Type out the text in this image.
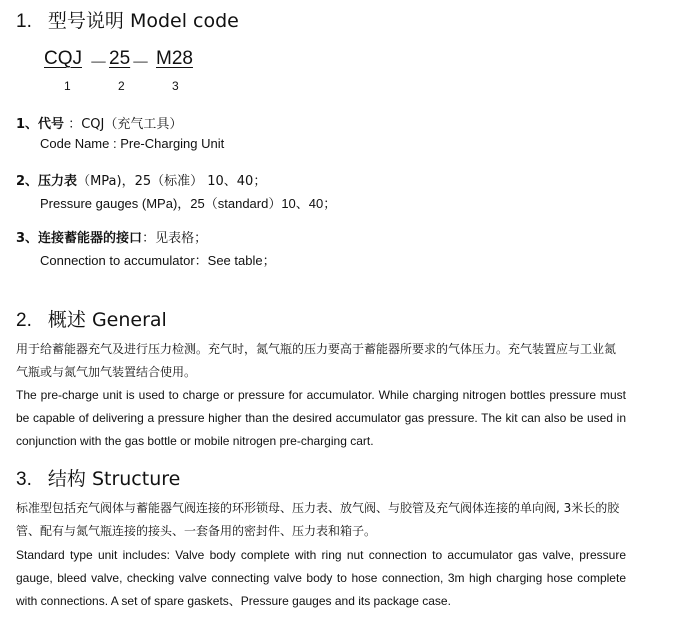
1. 型号说明 Model code
CQJ － 25 － M28
1	2	3
1、代号 ：CQJ（充气工具）
Code Name : Pre-Charging Unit
2、压力表（MPa)，25（标准） 10、40；
Pressure gauges (MPa)，25（standard）10、40；
3、连接蓄能器的接口：见表格；
Connection to accumulator：See table；
2. 概述 General
用于给蓄能器充气及进行压力检测。充气时，氮气瓶的压力要高于蓄能器所要求的气体压力。充气装置应与工业氮气瓶或与氮气加气装置结合使用。
The pre-charge unit is used to charge or pressure for accumulator. While charging nitrogen bottles pressure must be capable of delivering a pressure higher than the desired accumulator gas pressure. The kit can also be used in conjunction with the gas bottle or mobile nitrogen pre-charging cart.
3. 结构 Structure
标准型包括充气阀体与蓄能器气阀连接的环形锁母、压力表、放气阀、与胶管及充气阀体连接的单向阀, 3米长的胶管、配有与氮气瓶连接的接头、一套备用的密封件、压力表和箱子。
Standard type unit includes: Valve body complete with ring nut connection to accumulator gas valve, pressure gauge, bleed valve, checking valve connecting valve body to hose connection, 3m high charging hose complete with connections. A set of spare gaskets、Pressure gauges and its package case.
